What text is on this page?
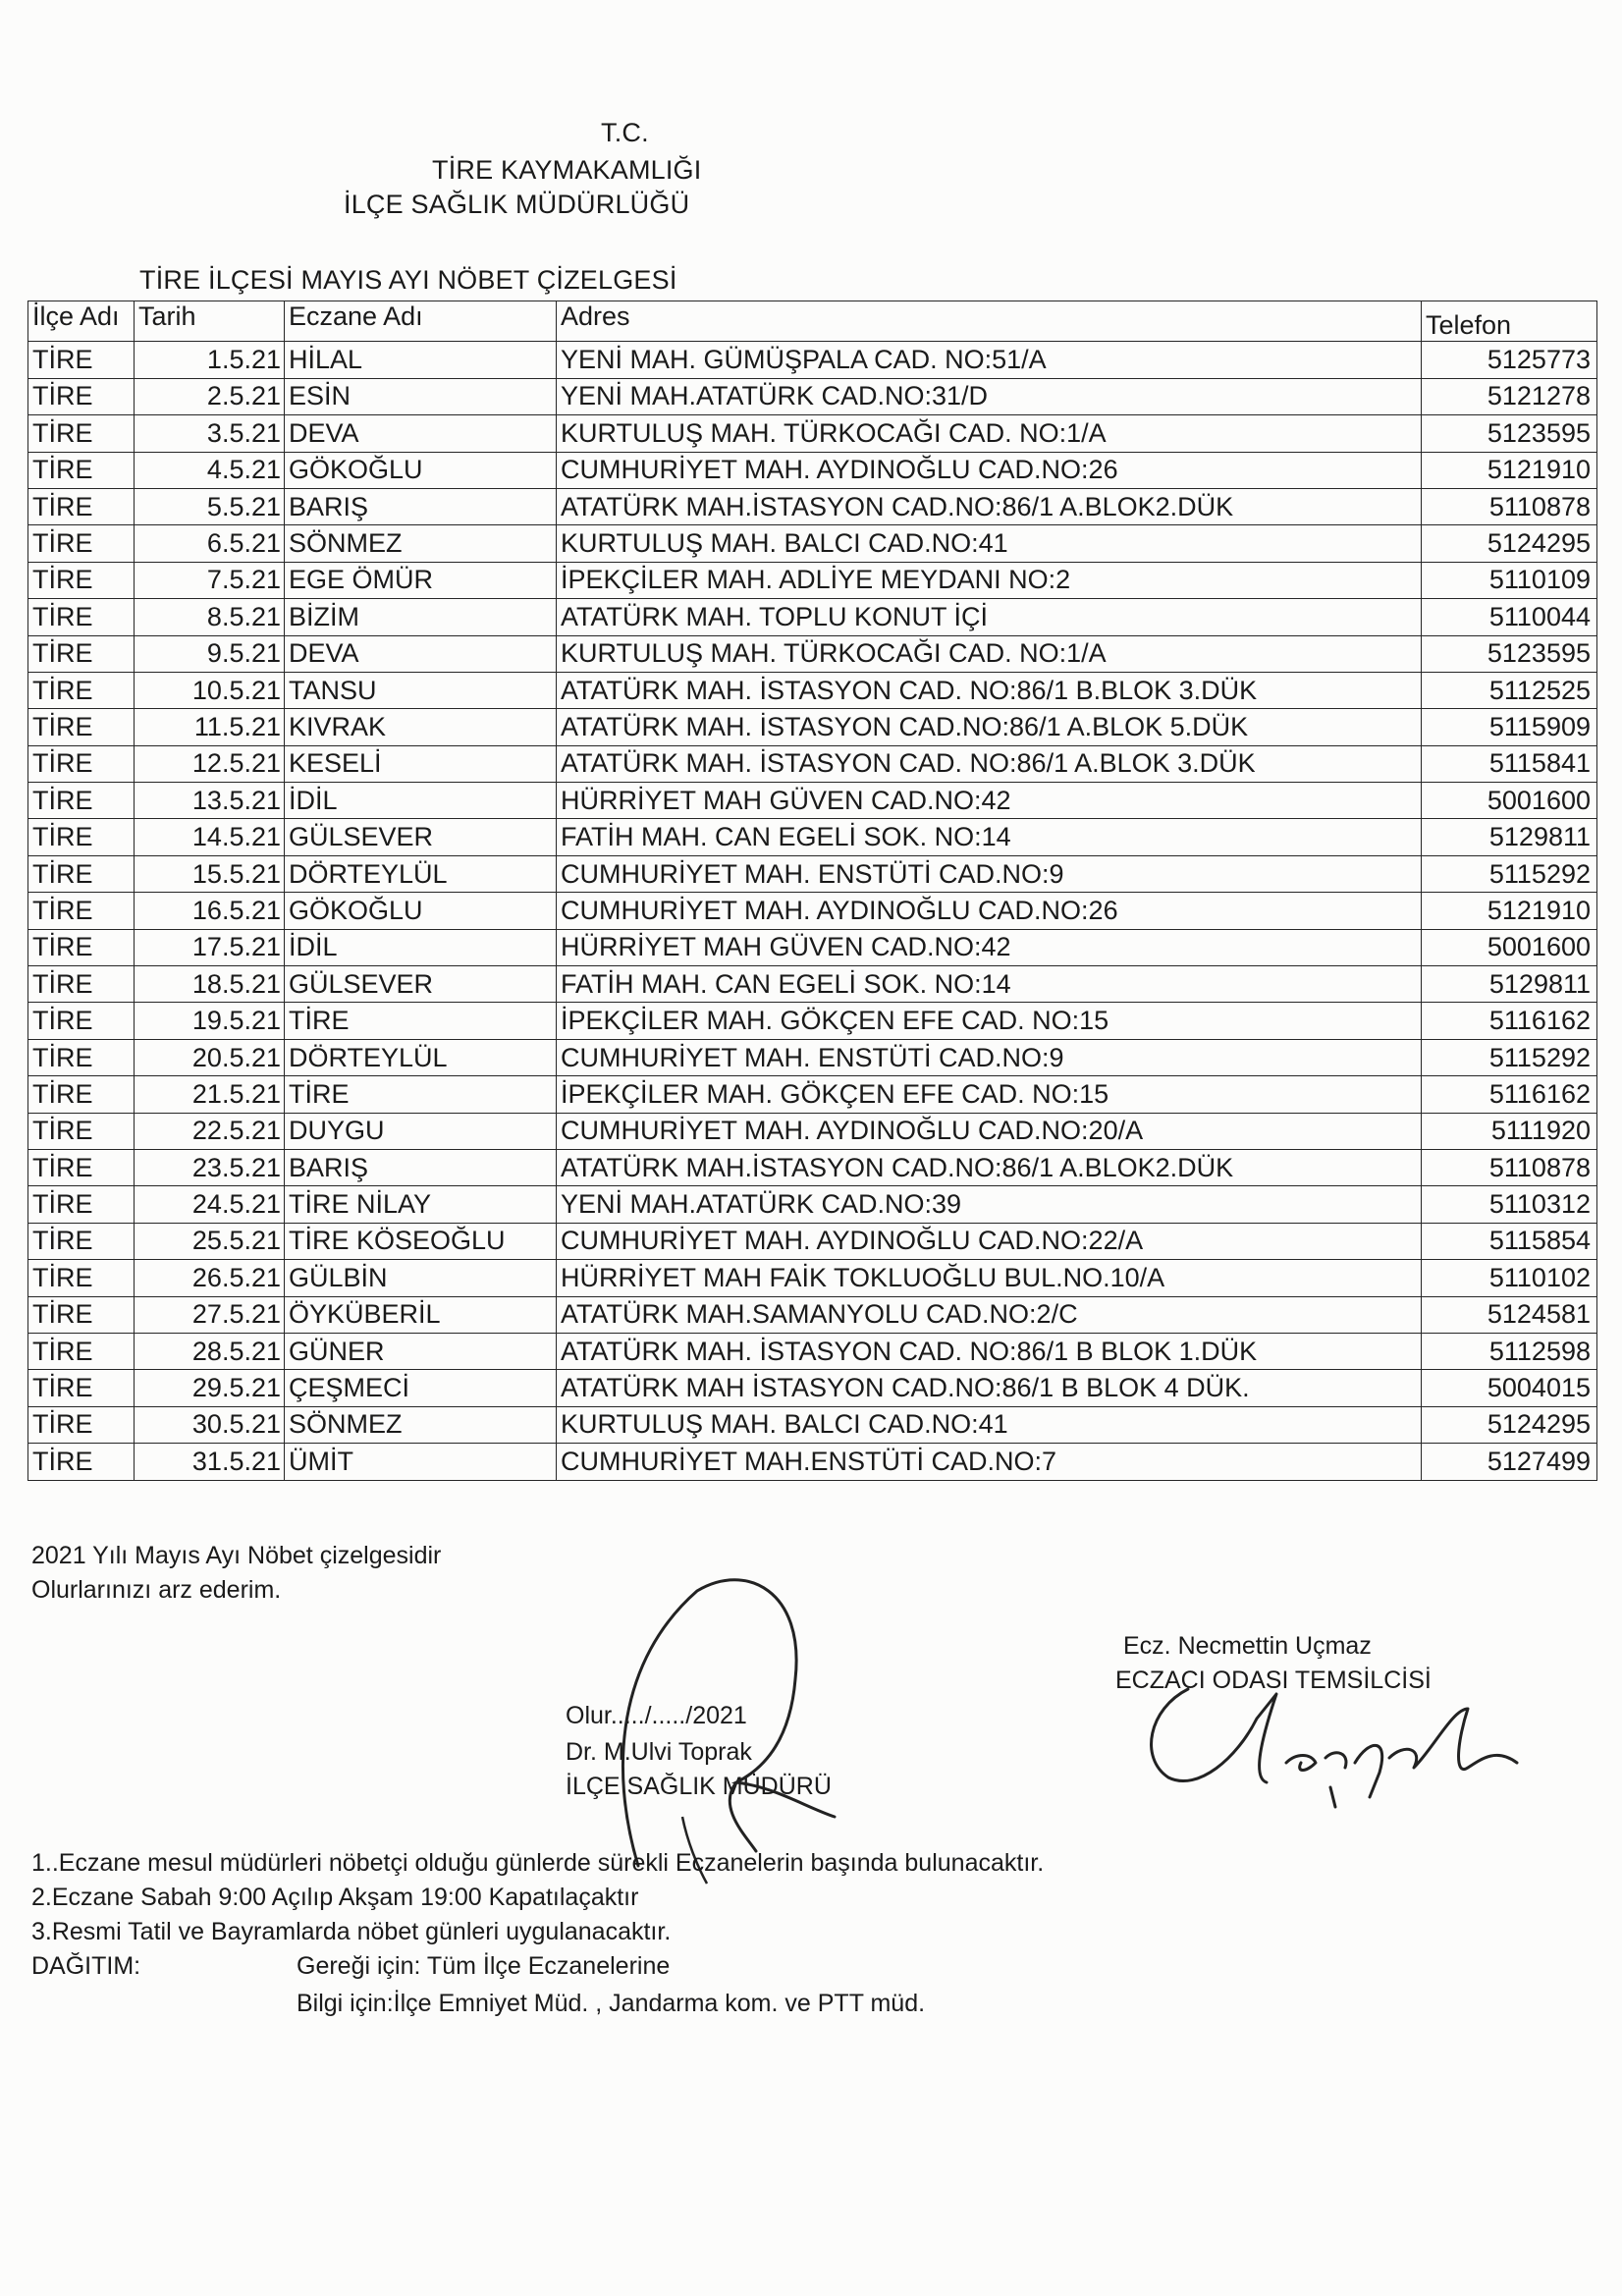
T.C.
TİRE KAYMAKAMLIĞI
İLÇE SAĞLIK MÜDÜRLÜĞÜ
TİRE İLÇESİ MAYIS AYI NÖBET ÇİZELGESİ
İlçe Adı	Tarih	Eczane Adı	Adres	Telefon
TİRE	1.5.21	HİLAL	YENİ MAH. GÜMÜŞPALA CAD. NO:51/A	5125773
TİRE	2.5.21	ESİN	YENİ MAH.ATATÜRK CAD.NO:31/D	5121278
TİRE	3.5.21	DEVA	KURTULUŞ MAH. TÜRKOCAĞI CAD. NO:1/A	5123595
TİRE	4.5.21	GÖKOĞLU	CUMHURİYET MAH. AYDINOĞLU CAD.NO:26	5121910
TİRE	5.5.21	BARIŞ	ATATÜRK MAH.İSTASYON CAD.NO:86/1 A.BLOK2.DÜK	5110878
TİRE	6.5.21	SÖNMEZ	KURTULUŞ MAH. BALCI CAD.NO:41	5124295
TİRE	7.5.21	EGE ÖMÜR	İPEKÇİLER MAH. ADLİYE MEYDANI NO:2	5110109
TİRE	8.5.21	BİZİM	ATATÜRK MAH. TOPLU KONUT İÇİ	5110044
TİRE	9.5.21	DEVA	KURTULUŞ MAH. TÜRKOCAĞI CAD. NO:1/A	5123595
TİRE	10.5.21	TANSU	ATATÜRK MAH. İSTASYON CAD. NO:86/1 B.BLOK 3.DÜK	5112525
TİRE	11.5.21	KIVRAK	ATATÜRK MAH. İSTASYON CAD.NO:86/1 A.BLOK 5.DÜK	5115909
TİRE	12.5.21	KESELİ	ATATÜRK MAH. İSTASYON CAD. NO:86/1 A.BLOK 3.DÜK	5115841
TİRE	13.5.21	İDİL	HÜRRİYET MAH GÜVEN CAD.NO:42	5001600
TİRE	14.5.21	GÜLSEVER	FATİH MAH. CAN EGELİ SOK. NO:14	5129811
TİRE	15.5.21	DÖRTEYLÜL	CUMHURİYET MAH. ENSTÜTİ CAD.NO:9	5115292
TİRE	16.5.21	GÖKOĞLU	CUMHURİYET MAH. AYDINOĞLU CAD.NO:26	5121910
TİRE	17.5.21	İDİL	HÜRRİYET MAH GÜVEN CAD.NO:42	5001600
TİRE	18.5.21	GÜLSEVER	FATİH MAH. CAN EGELİ SOK. NO:14	5129811
TİRE	19.5.21	TİRE	İPEKÇİLER MAH. GÖKÇEN EFE CAD. NO:15	5116162
TİRE	20.5.21	DÖRTEYLÜL	CUMHURİYET MAH. ENSTÜTİ CAD.NO:9	5115292
TİRE	21.5.21	TİRE	İPEKÇİLER MAH. GÖKÇEN EFE CAD. NO:15	5116162
TİRE	22.5.21	DUYGU	CUMHURİYET MAH. AYDINOĞLU CAD.NO:20/A	5111920
TİRE	23.5.21	BARIŞ	ATATÜRK MAH.İSTASYON CAD.NO:86/1 A.BLOK2.DÜK	5110878
TİRE	24.5.21	TİRE NİLAY	YENİ MAH.ATATÜRK CAD.NO:39	5110312
TİRE	25.5.21	TİRE KÖSEOĞLU	CUMHURİYET MAH. AYDINOĞLU CAD.NO:22/A	5115854
TİRE	26.5.21	GÜLBİN	HÜRRİYET MAH FAİK TOKLUOĞLU BUL.NO.10/A	5110102
TİRE	27.5.21	ÖYKÜBERİL	ATATÜRK MAH.SAMANYOLU CAD.NO:2/C	5124581
TİRE	28.5.21	GÜNER	ATATÜRK MAH. İSTASYON CAD. NO:86/1 B BLOK 1.DÜK	5112598
TİRE	29.5.21	ÇEŞMECİ	ATATÜRK MAH İSTASYON CAD.NO:86/1 B BLOK 4 DÜK.	5004015
TİRE	30.5.21	SÖNMEZ	KURTULUŞ MAH. BALCI CAD.NO:41	5124295
TİRE	31.5.21	ÜMİT	CUMHURİYET MAH.ENSTÜTİ CAD.NO:7	5127499
2021 Yılı Mayıs Ayı Nöbet çizelgesidir
Olurlarınızı arz ederim.
Ecz. Necmettin Uçmaz
ECZACI ODASI TEMSİLCİSİ
Olur...../...../2021
Dr. M.Ulvi Toprak
İLÇE SAĞLIK MÜDÜRÜ
1..Eczane mesul müdürleri nöbetçi olduğu günlerde sürekli Eczanelerin başında bulunacaktır.
2.Eczane Sabah 9:00 Açılıp Akşam 19:00 Kapatılaçaktır
3.Resmi Tatil ve Bayramlarda nöbet günleri uygulanacaktır.
DAĞITIM:	Gereği için: Tüm İlçe Eczanelerine
Bilgi için:İlçe Emniyet Müd. , Jandarma kom. ve PTT müd.
